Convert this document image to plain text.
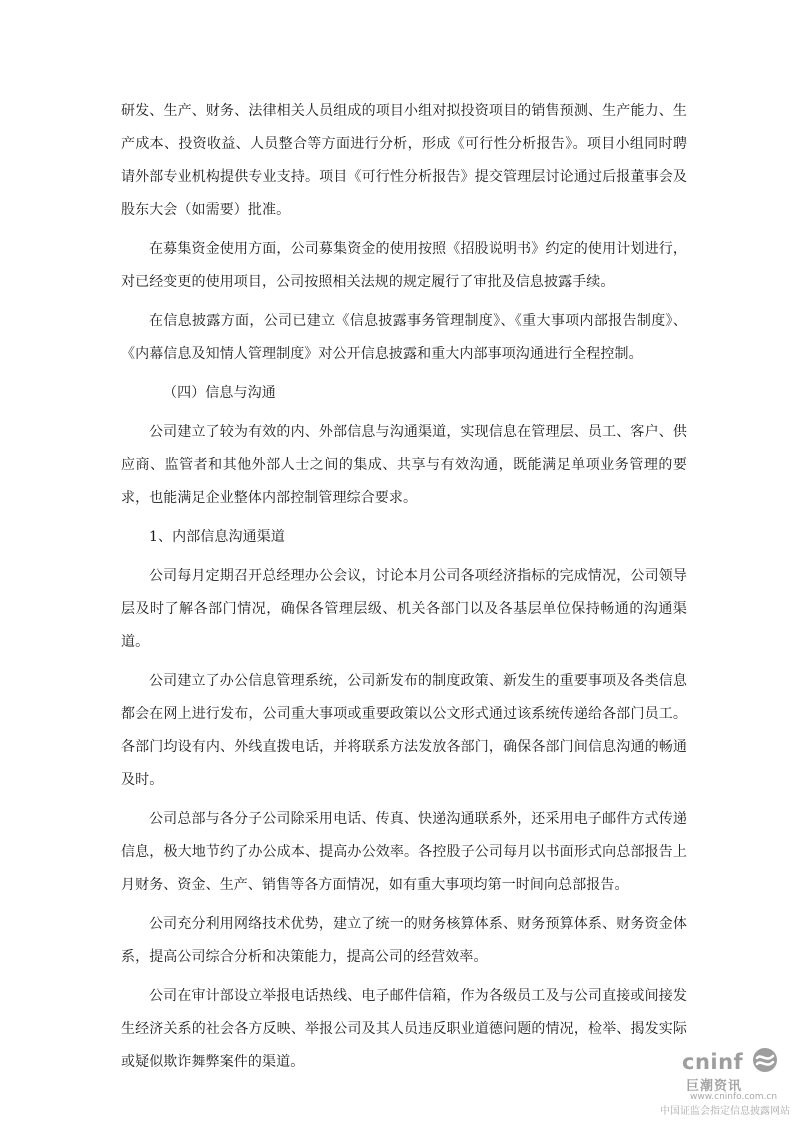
研发、生产、财务、法律相关人员组成的项目小组对拟投资项目的销售预测、生产能力、生产成本、投资收益、人员整合等方面进行分析，形成《可行性分析报告》。项目小组同时聘请外部专业机构提供专业支持。项目《可行性分析报告》提交管理层讨论通过后报董事会及股东大会（如需要）批准。

在募集资金使用方面，公司募集资金的使用按照《招股说明书》约定的使用计划进行，对已经变更的使用项目，公司按照相关法规的规定履行了审批及信息披露手续。

在信息披露方面，公司已建立《信息披露事务管理制度》、《重大事项内部报告制度》、《内幕信息及知情人管理制度》对公开信息披露和重大内部事项沟通进行全程控制。

（四）信息与沟通

公司建立了较为有效的内、外部信息与沟通渠道，实现信息在管理层、员工、客户、供应商、监管者和其他外部人士之间的集成、共享与有效沟通，既能满足单项业务管理的要求，也能满足企业整体内部控制管理综合要求。

1、内部信息沟通渠道

公司每月定期召开总经理办公会议，讨论本月公司各项经济指标的完成情况，公司领导层及时了解各部门情况，确保各管理层级、机关各部门以及各基层单位保持畅通的沟通渠道。

公司建立了办公信息管理系统，公司新发布的制度政策、新发生的重要事项及各类信息都会在网上进行发布，公司重大事项或重要政策以公文形式通过该系统传递给各部门员工。各部门均设有内、外线直拨电话，并将联系方法发放各部门，确保各部门间信息沟通的畅通及时。

公司总部与各分子公司除采用电话、传真、快递沟通联系外，还采用电子邮件方式传递信息，极大地节约了办公成本、提高办公效率。各控股子公司每月以书面形式向总部报告上月财务、资金、生产、销售等各方面情况，如有重大事项均第一时间向总部报告。

公司充分利用网络技术优势，建立了统一的财务核算体系、财务预算体系、财务资金体系，提高公司综合分析和决策能力，提高公司的经营效率。

公司在审计部设立举报电话热线、电子邮件信箱，作为各级员工及与公司直接或间接发生经济关系的社会各方反映、举报公司及其人员违反职业道德问题的情况，检举、揭发实际或疑似欺诈舞弊案件的渠道。	cninf
巨潮资讯
www.cninfo.com.cn
中国证监会指定信息披露网站
